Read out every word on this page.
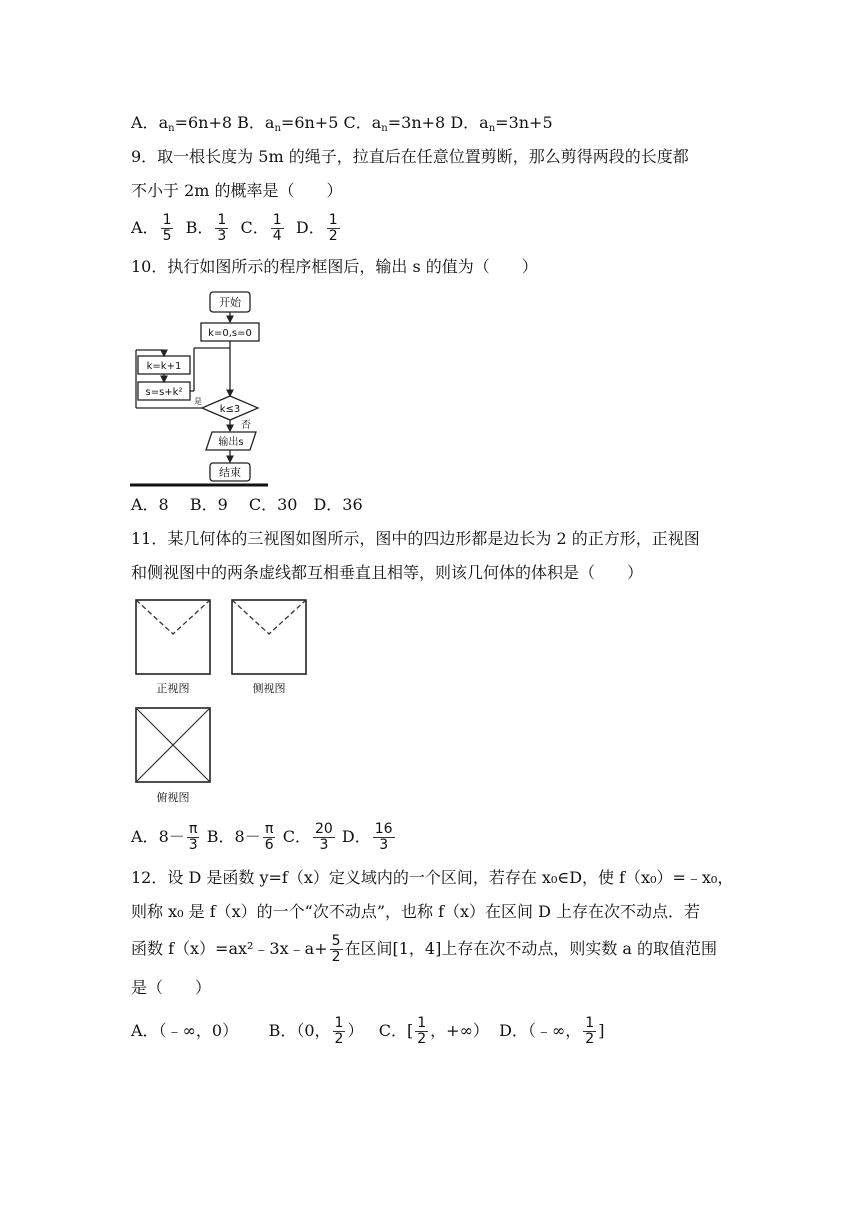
A．$a_n=6n+8$ B．$a_n=6n+5$ C．$a_n=3n+8$ D．$a_n=3n+5$
9．取一根长度为 5m 的绳子，拉直后在任意位置剪断，那么剪得两段的长度都
不小于 2m 的概率是（　　）
A． $\frac{1}{5}$ B． $\frac{1}{3}$ C． $\frac{1}{4}$ D． $\frac{1}{2}$
10．执行如图所示的程序框图后，输出 s 的值为（　　）
开始
k=0,s=0
k=k+1
s=s+k²
k≤3
是
否
输出s
结束
A．8　 B．9　 C．30　D．36
11．某几何体的三视图如图所示，图中的四边形都是边长为 2 的正方形，正视图
和侧视图中的两条虚线都互相垂直且相等，则该几何体的体积是（　　）
正视图	侧视图
俯视图
A．$8- \frac{\pi}{3}$ B．$8- \frac{\pi}{6}$ C． $\frac{20}{3}$ D． $\frac{16}{3}$
12．设 D 是函数 y=f（x）定义域内的一个区间，若存在 x₀∈D，使 f（x₀）=﹣x₀，
则称 x₀ 是 f（x）的一个“次不动点”，也称 f（x）在区间 D 上存在次不动点．若
函数 f（x）=ax²﹣3x﹣a+ $\frac{5}{2}$ 在区间[1，4]上存在次不动点，则实数 a 的取值范围
是（　　）
A．（﹣∞，0） B．（0， $\frac{1}{2}$ ） C．[ $\frac{1}{2}$ ，+∞） D．（﹣∞， $\frac{1}{2}$ ]
